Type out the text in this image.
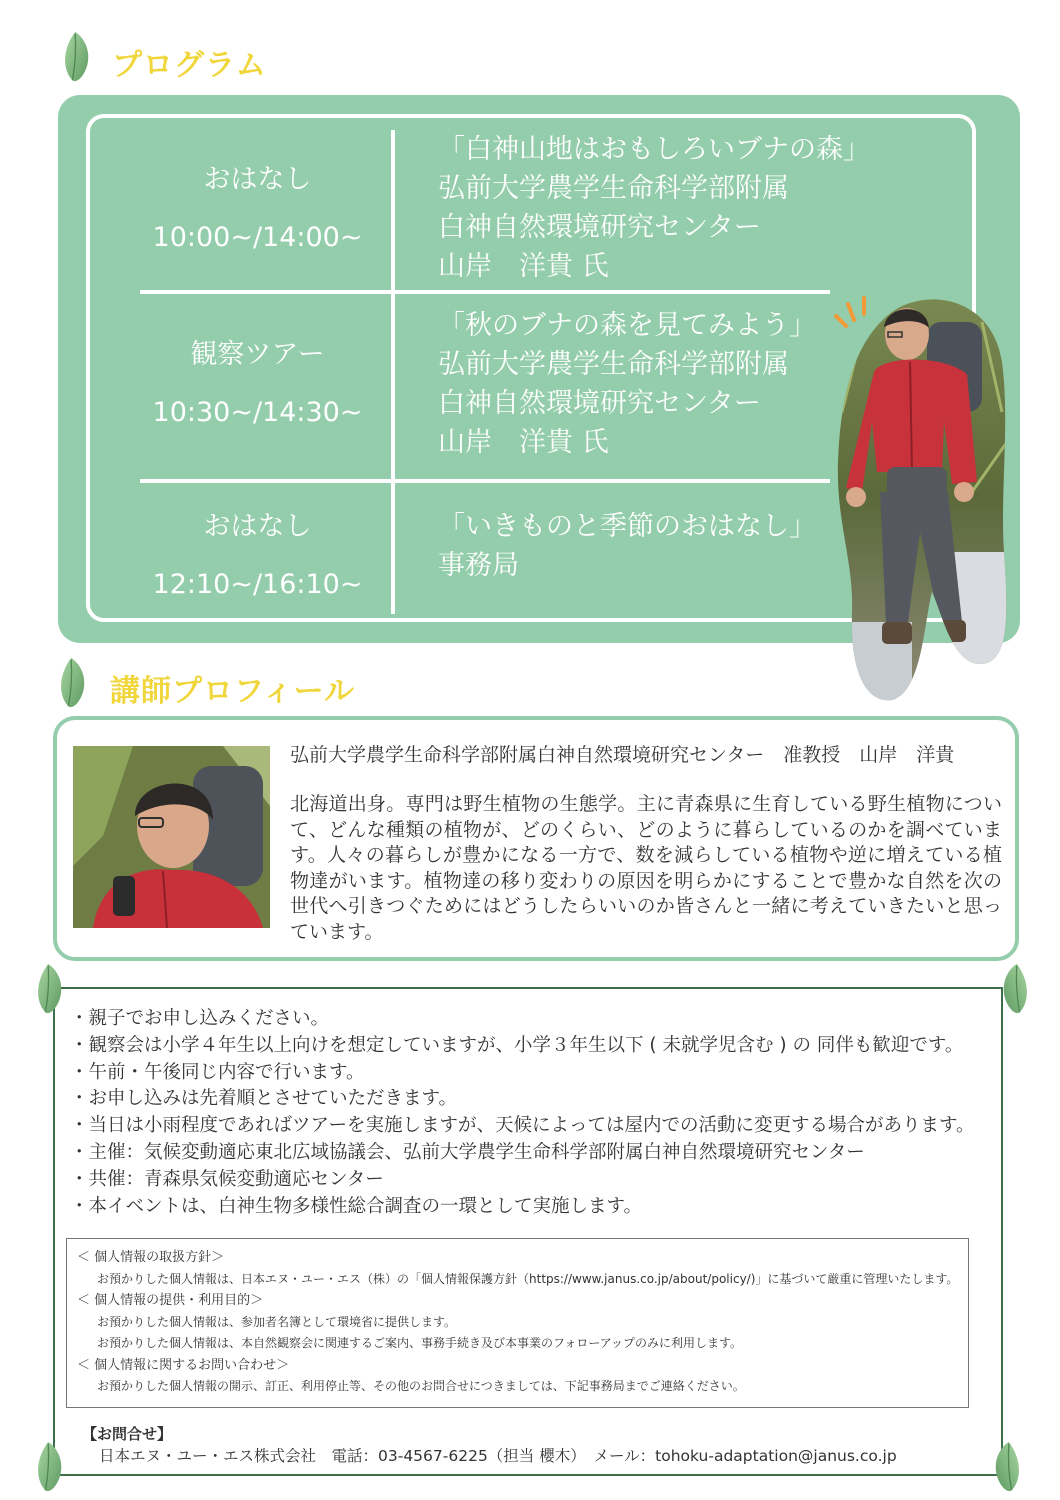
プログラム
おはなし
10:00~/14:00~
「白神山地はおもしろいブナの森」
弘前大学農学生命科学部附属
白神自然環境研究センター
山岸　洋貴 氏
観察ツアー
10:30~/14:30~
「秋のブナの森を見てみよう」
弘前大学農学生命科学部附属
白神自然環境研究センター
山岸　洋貴 氏
おはなし
12:10~/16:10~
「いきものと季節のおはなし」
事務局
講師プロフィール
弘前大学農学生命科学部附属白神自然環境研究センター　准教授　山岸　洋貴
北海道出身。専門は野生植物の生態学。主に青森県に生育している野生植物について、どんな種類の植物が、どのくらい、どのように暮らしているのかを調べています。人々の暮らしが豊かになる一方で、数を減らしている植物や逆に増えている植物達がいます。植物達の移り変わりの原因を明らかにすることで豊かな自然を次の世代へ引きつぐためにはどうしたらいいのか皆さんと一緒に考えていきたいと思っています。
・ 親子でお申し込みください。
・ 観察会は小学４年生以上向けを想定していますが、小学３年生以下 ( 未就学児含む ) の 同伴も歓迎です。
・ 午前・午後同じ内容で行います。
・ お申し込みは先着順とさせていただきます。
・ 当日は小雨程度であればツアーを実施しますが、天候によっては屋内での活動に変更する場合があります。
・ 主催：気候変動適応東北広域協議会、弘前大学農学生命科学部附属白神自然環境研究センター
・ 共催：青森県気候変動適応センター
・ 本イベントは、白神生物多様性総合調査の一環として実施します。
＜ 個人情報の取扱方針＞
お預かりした個人情報は、日本エヌ・ユー・エス（株）の「個人情報保護方針（https://www.janus.co.jp/about/policy/)」に基づいて厳重に管理いたします。
＜ 個人情報の提供・利用目的＞
お預かりした個人情報は、参加者名簿として環境省に提供します。
お預かりした個人情報は、本自然観察会に関連するご案内、事務手続き及び本事業のフォローアップのみに利用します。
＜ 個人情報に関するお問い合わせ＞
お預かりした個人情報の開示、訂正、利用停止等、その他のお問合せにつきましては、下記事務局までご連絡ください。
【お問合せ】
日本エヌ・ユー・エス株式会社　電話：03-4567-6225（担当 櫻木）　メール：tohoku-adaptation@janus.co.jp
